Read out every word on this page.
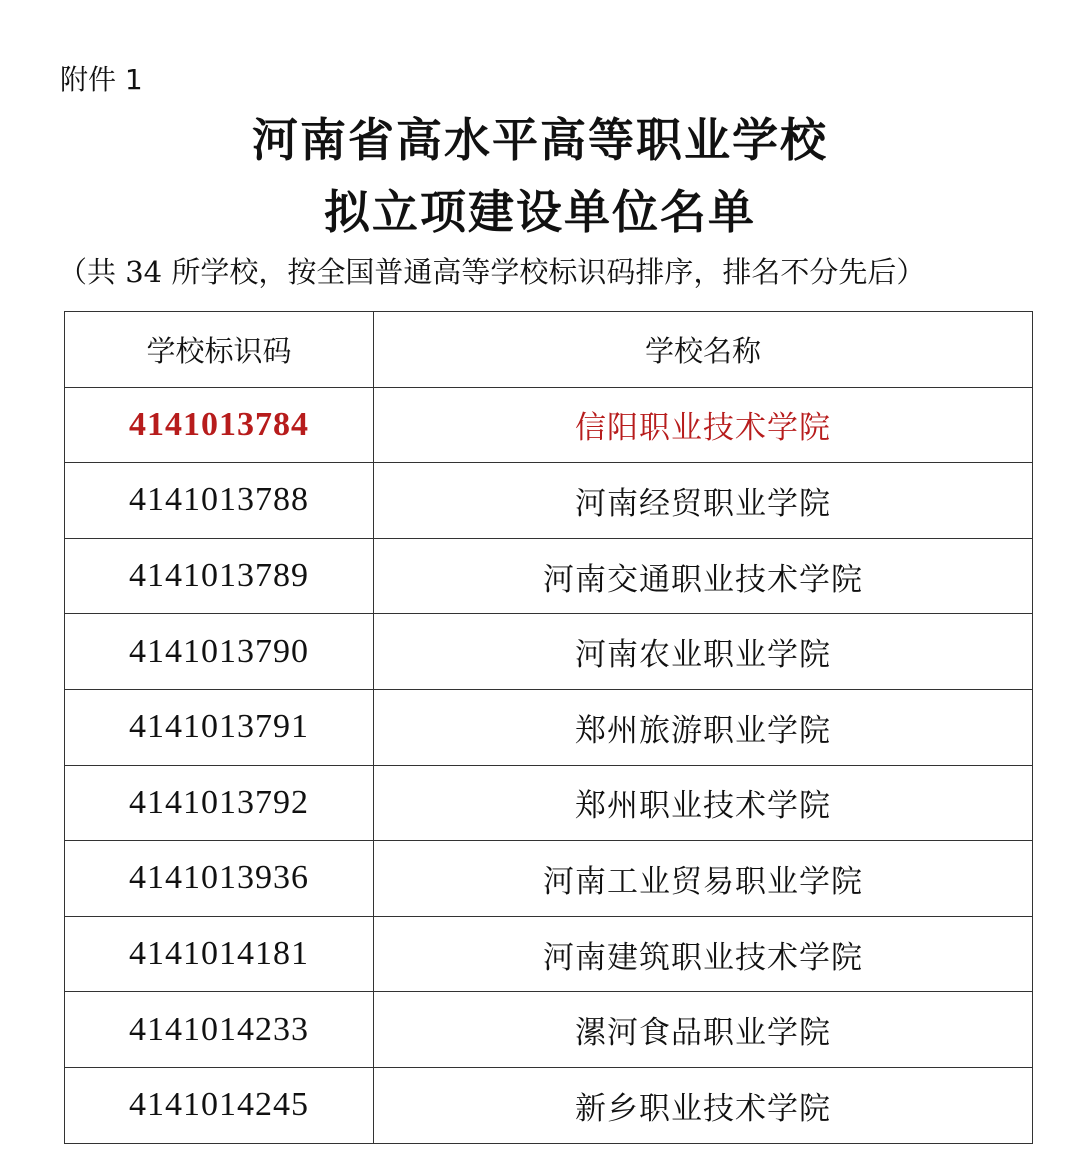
附件 1
河南省高水平高等职业学校
拟立项建设单位名单
（共 34 所学校，按全国普通高等学校标识码排序，排名不分先后）
学校标识码	学校名称
4141013784	信阳职业技术学院
4141013788	河南经贸职业学院
4141013789	河南交通职业技术学院
4141013790	河南农业职业学院
4141013791	郑州旅游职业学院
4141013792	郑州职业技术学院
4141013936	河南工业贸易职业学院
4141014181	河南建筑职业技术学院
4141014233	漯河食品职业学院
4141014245	新乡职业技术学院
